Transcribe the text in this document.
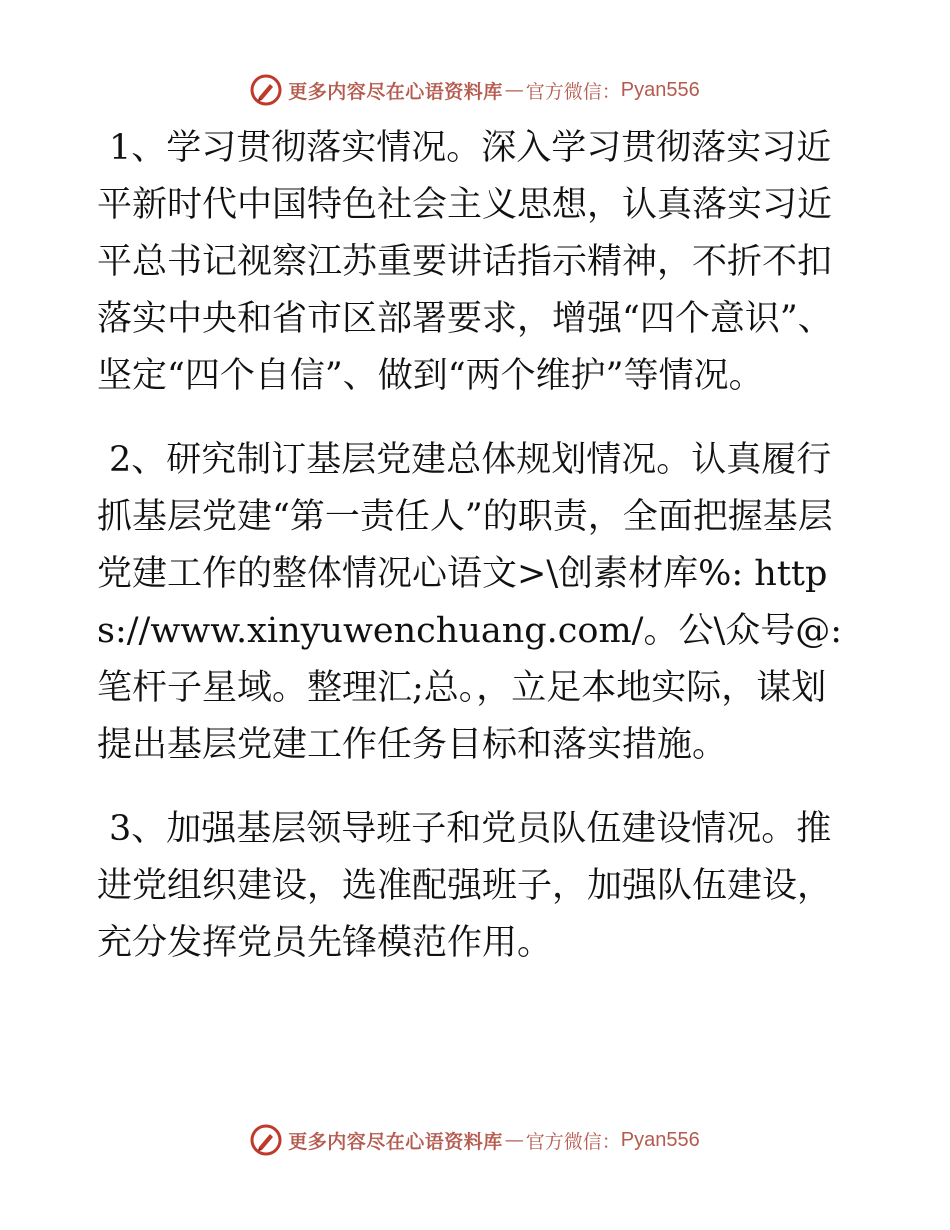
更多内容尽在心语资料库 — 官方微信： Pyan556

1、学习贯彻落实情况。深入学习贯彻落实习近平新时代中国特色社会主义思想，认真落实习近平总书记视察江苏重要讲话指示精神，不折不扣落实中央和省市区部署要求，增强“四个意识”、坚定“四个自信”、做到“两个维护”等情况。

2、研究制订基层党建总体规划情况。认真履行抓基层党建“第一责任人”的职责，全面把握基层党建工作的整体情况心语文>\创素材库%: https://www.xinyuwenchuang.com/。公\众号@: 笔杆子星域。整理汇;总。，立足本地实际，谋划提出基层党建工作任务目标和落实措施。

3、加强基层领导班子和党员队伍建设情况。推进党组织建设，选准配强班子，加强队伍建设，充分发挥党员先锋模范作用。

更多内容尽在心语资料库 — 官方微信： Pyan556
